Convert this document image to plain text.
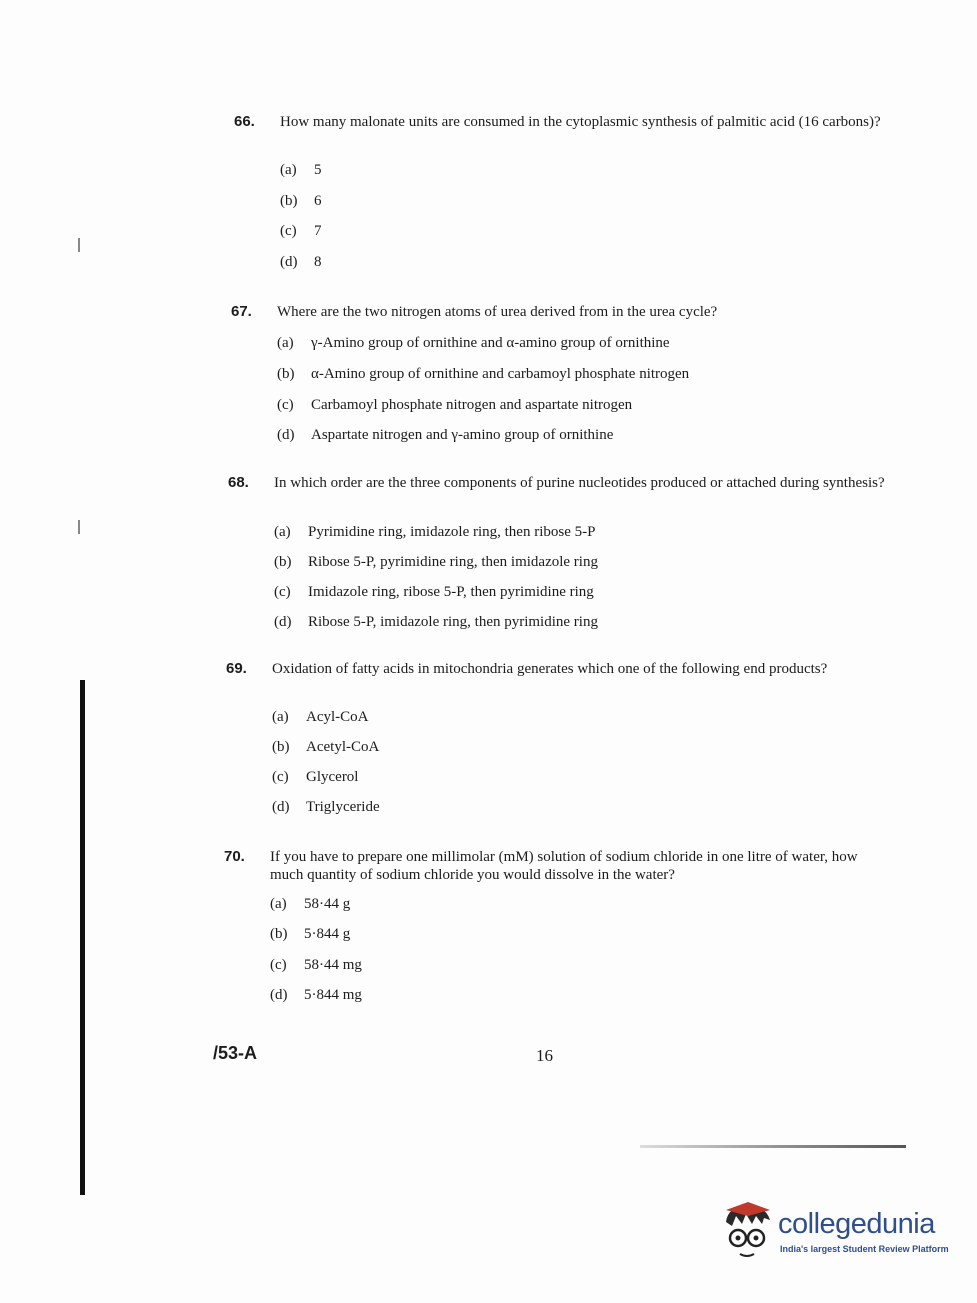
66. How many malonate units are consumed in the cytoplasmic synthesis of palmitic acid (16 carbons)?
(a) 5
(b) 6
(c) 7
(d) 8
67. Where are the two nitrogen atoms of urea derived from in the urea cycle?
(a) γ-Amino group of ornithine and α-amino group of ornithine
(b) α-Amino group of ornithine and carbamoyl phosphate nitrogen
(c) Carbamoyl phosphate nitrogen and aspartate nitrogen
(d) Aspartate nitrogen and γ-amino group of ornithine
68. In which order are the three components of purine nucleotides produced or attached during synthesis?
(a) Pyrimidine ring, imidazole ring, then ribose 5-P
(b) Ribose 5-P, pyrimidine ring, then imidazole ring
(c) Imidazole ring, ribose 5-P, then pyrimidine ring
(d) Ribose 5-P, imidazole ring, then pyrimidine ring
69. Oxidation of fatty acids in mitochondria generates which one of the following end products?
(a) Acyl-CoA
(b) Acetyl-CoA
(c) Glycerol
(d) Triglyceride
70. If you have to prepare one millimolar (mM) solution of sodium chloride in one litre of water, how much quantity of sodium chloride you would dissolve in the water?
(a) 58·44 g
(b) 5·844 g
(c) 58·44 mg
(d) 5·844 mg
/53-A	16
collegedunia
India's largest Student Review Platform
